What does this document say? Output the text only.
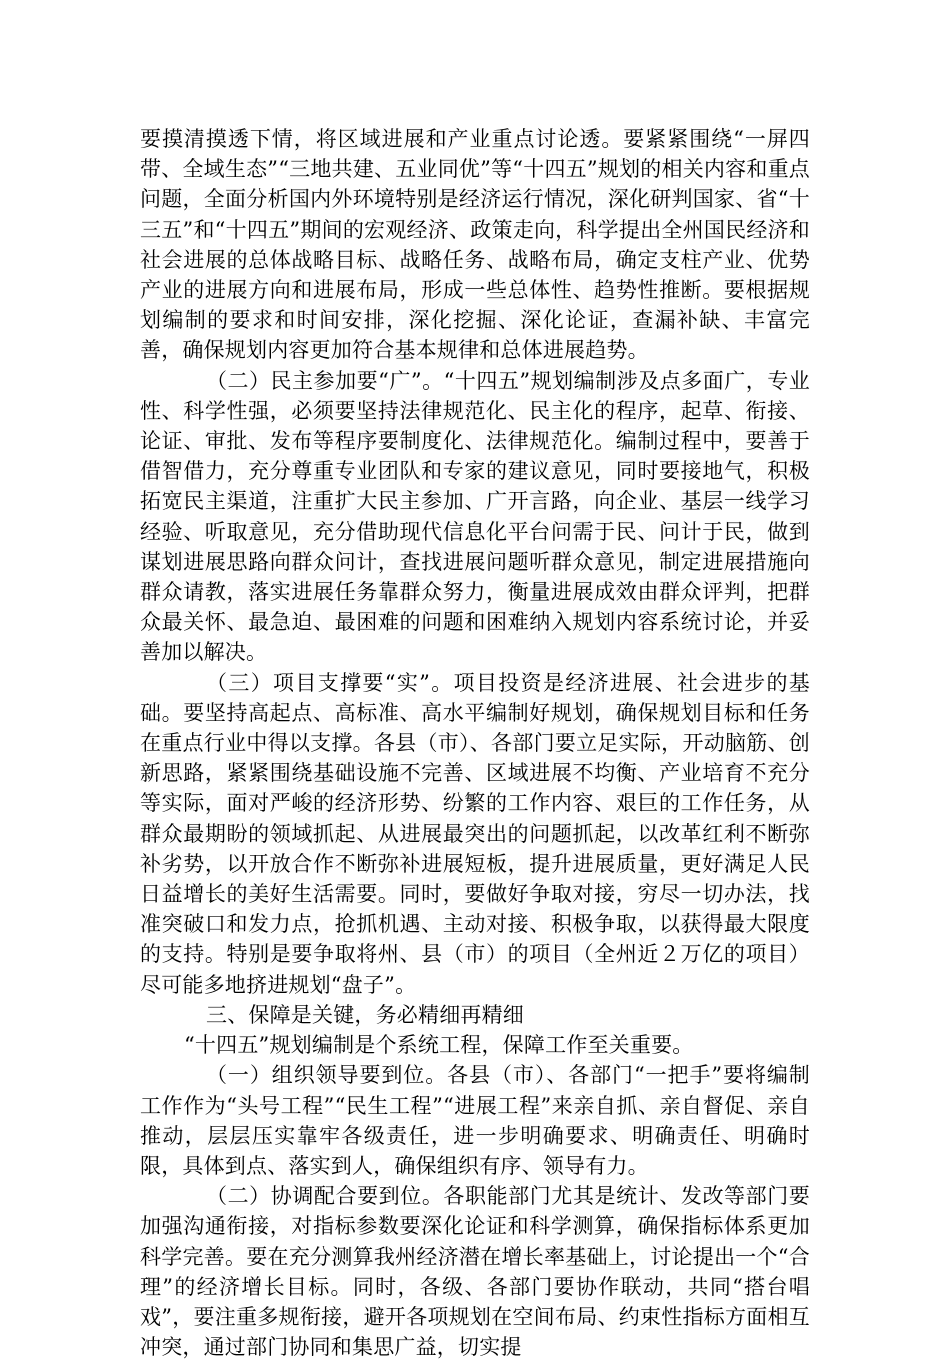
要摸清摸透下情，将区域进展和产业重点讨论透。要紧紧围绕“一屏四带、全域生态”“三地共建、五业同优”等“十四五”规划的相关内容和重点问题，全面分析国内外环境特别是经济运行情况，深化研判国家、省“十三五”和“十四五”期间的宏观经济、政策走向，科学提出全州国民经济和社会进展的总体战略目标、战略任务、战略布局，确定支柱产业、优势产业的进展方向和进展布局，形成一些总体性、趋势性推断。要根据规划编制的要求和时间安排，深化挖掘、深化论证，查漏补缺、丰富完善，确保规划内容更加符合基本规律和总体进展趋势。

（二）民主参加要“广”。“十四五”规划编制涉及点多面广，专业性、科学性强，必须要坚持法律规范化、民主化的程序，起草、衔接、论证、审批、发布等程序要制度化、法律规范化。编制过程中，要善于借智借力，充分尊重专业团队和专家的建议意见，同时要接地气，积极拓宽民主渠道，注重扩大民主参加、广开言路，向企业、基层一线学习经验、听取意见，充分借助现代信息化平台问需于民、问计于民，做到谋划进展思路向群众问计，查找进展问题听群众意见，制定进展措施向群众请教，落实进展任务靠群众努力，衡量进展成效由群众评判，把群众最关怀、最急迫、最困难的问题和困难纳入规划内容系统讨论，并妥善加以解决。

（三）项目支撑要“实”。项目投资是经济进展、社会进步的基础。要坚持高起点、高标准、高水平编制好规划，确保规划目标和任务在重点行业中得以支撑。各县（市）、各部门要立足实际，开动脑筋、创新思路，紧紧围绕基础设施不完善、区域进展不均衡、产业培育不充分等实际，面对严峻的经济形势、纷繁的工作内容、艰巨的工作任务，从群众最期盼的领域抓起、从进展最突出的问题抓起，以改革红利不断弥补劣势，以开放合作不断弥补进展短板，提升进展质量，更好满足人民日益增长的美好生活需要。同时，要做好争取对接，穷尽一切办法，找准突破口和发力点，抢抓机遇、主动对接、积极争取，以获得最大限度的支持。特别是要争取将州、县（市）的项目（全州近２万亿的项目）尽可能多地挤进规划“盘子”。

三、保障是关键，务必精细再精细

“十四五”规划编制是个系统工程，保障工作至关重要。

（一）组织领导要到位。各县（市）、各部门“一把手”要将编制工作作为“头号工程”“民生工程”“进展工程”来亲自抓、亲自督促、亲自推动，层层压实靠牢各级责任，进一步明确要求、明确责任、明确时限，具体到点、落实到人，确保组织有序、领导有力。

（二）协调配合要到位。各职能部门尤其是统计、发改等部门要加强沟通衔接，对指标参数要深化论证和科学测算，确保指标体系更加科学完善。要在充分测算我州经济潜在增长率基础上，讨论提出一个“合理”的经济增长目标。同时，各级、各部门要协作联动，共同“搭台唱戏”，要注重多规衔接，避开各项规划在空间布局、约束性指标方面相互冲突，通过部门协同和集思广益，切实提
